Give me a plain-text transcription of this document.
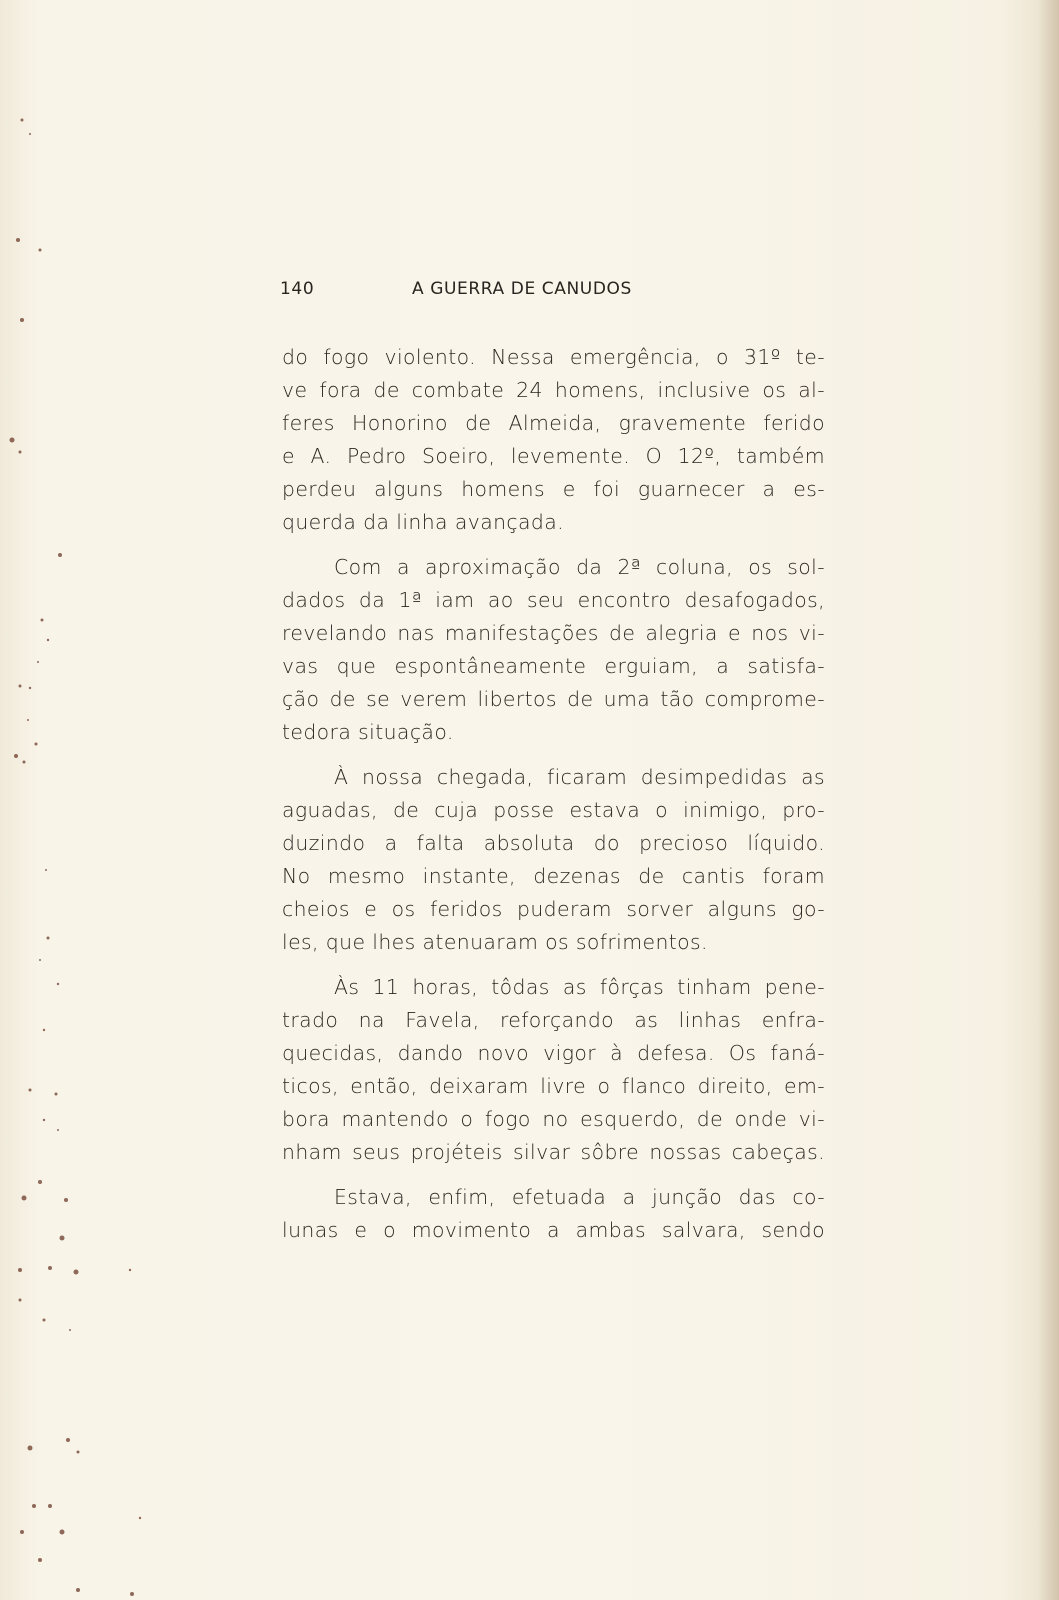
140	A GUERRA DE CANUDOS
do fogo violento. Nessa emergência, o 31º te-
ve fora de combate 24 homens, inclusive os al-
feres Honorino de Almeida, gravemente ferido
e A. Pedro Soeiro, levemente. O 12º, também
perdeu alguns homens e foi guarnecer a es-
querda da linha avançada.
Com a aproximação da 2ª coluna, os sol-
dados da 1ª iam ao seu encontro desafogados,
revelando nas manifestações de alegria e nos vi-
vas que espontâneamente erguiam, a satisfa-
ção de se verem libertos de uma tão comprome-
tedora situação.
À nossa chegada, ficaram desimpedidas as
aguadas, de cuja posse estava o inimigo, pro-
duzindo a falta absoluta do precioso líquido.
No mesmo instante, dezenas de cantis foram
cheios e os feridos puderam sorver alguns go-
les, que lhes atenuaram os sofrimentos.
Às 11 horas, tôdas as fôrças tinham pene-
trado na Favela, reforçando as linhas enfra-
quecidas, dando novo vigor à defesa. Os faná-
ticos, então, deixaram livre o flanco direito, em-
bora mantendo o fogo no esquerdo, de onde vi-
nham seus projéteis silvar sôbre nossas cabeças.
Estava, enfim, efetuada a junção das co-
lunas e o movimento a ambas salvara, sendo
